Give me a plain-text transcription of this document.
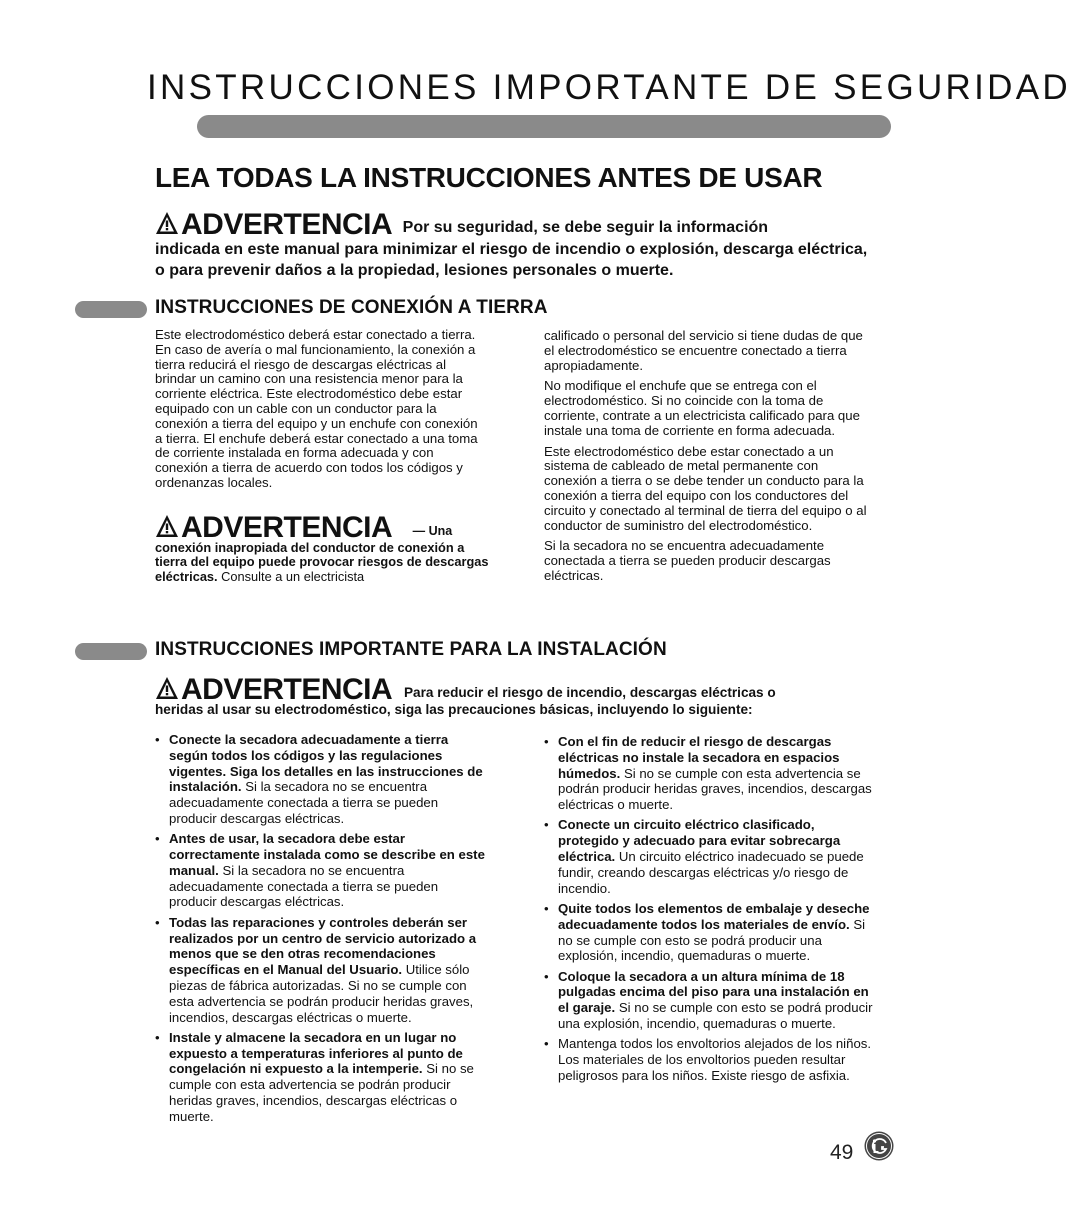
INSTRUCCIONES IMPORTANTE DE SEGURIDAD
LEA TODAS LA INSTRUCCIONES ANTES DE USAR
ADVERTENCIA Por su seguridad, se debe seguir la información
indicada en este manual para minimizar el riesgo de incendio o explosión, descarga eléctrica, o para prevenir daños a la propiedad, lesiones personales o muerte.
INSTRUCCIONES DE CONEXIÓN A TIERRA

Este electrodoméstico deberá estar conectado a tierra. En caso de avería o mal funcionamiento, la conexión a tierra reducirá el riesgo de descargas eléctricas al brindar un camino con una resistencia menor para la corriente eléctrica. Este electrodoméstico debe estar equipado con un cable con un conductor para la conexión a tierra del equipo y un enchufe con conexión a tierra. El enchufe deberá estar conectado a una toma de corriente instalada en forma adecuada y con conexión a tierra de acuerdo con todos los códigos y ordenanzas locales.

ADVERTENCIA — Una
conexión inapropiada del conductor de conexión a tierra del equipo puede provocar riesgos de descargas eléctricas. Consulte a un electricista

calificado o personal del servicio si tiene dudas de que el electrodoméstico se encuentre conectado a tierra apropiadamente.

No modifique el enchufe que se entrega con el electrodoméstico. Si no coincide con la toma de corriente, contrate a un electricista calificado para que instale una toma de corriente en forma adecuada.

Este electrodoméstico debe estar conectado a un sistema de cableado de metal permanente con conexión a tierra o se debe tender un conducto para la conexión a tierra del equipo con los conductores del circuito y conectado al terminal de tierra del equipo o al conductor de suministro del electrodoméstico.

Si la secadora no se encuentra adecuadamente conectada a tierra se pueden producir descargas eléctricas.

INSTRUCCIONES IMPORTANTE PARA LA INSTALACIÓN
ADVERTENCIA Para reducir el riesgo de incendio, descargas eléctricas o
heridas al usar su electrodoméstico, siga las precauciones básicas, incluyendo lo siguiente:
• Conecte la secadora adecuadamente a tierra según todos los códigos y las regulaciones vigentes. Siga los detalles en las instrucciones de instalación. Si la secadora no se encuentra adecuadamente conectada a tierra se pueden producir descargas eléctricas.
• Antes de usar, la secadora debe estar correctamente instalada como se describe en este manual. Si la secadora no se encuentra adecuadamente conectada a tierra se pueden producir descargas eléctricas.
• Todas las reparaciones y controles deberán ser realizados por un centro de servicio autorizado a menos que se den otras recomendaciones específicas en el Manual del Usuario. Utilice sólo piezas de fábrica autorizadas. Si no se cumple con esta advertencia se podrán producir heridas graves, incendios, descargas eléctricas o muerte.
• Instale y almacene la secadora en un lugar no expuesto a temperaturas inferiores al punto de congelación ni expuesto a la intemperie. Si no se cumple con esta advertencia se podrán producir heridas graves, incendios, descargas eléctricas o muerte.
• Con el fin de reducir el riesgo de descargas eléctricas no instale la secadora en espacios húmedos. Si no se cumple con esta advertencia se podrán producir heridas graves, incendios, descargas eléctricas o muerte.
• Conecte un circuito eléctrico clasificado, protegido y adecuado para evitar sobrecarga eléctrica. Un circuito eléctrico inadecuado se puede fundir, creando descargas eléctricas y/o riesgo de incendio.
• Quite todos los elementos de embalaje y deseche adecuadamente todos los materiales de envío. Si no se cumple con esto se podrá producir una explosión, incendio, quemaduras o muerte.
• Coloque la secadora a un altura mínima de 18 pulgadas encima del piso para una instalación en el garaje. Si no se cumple con esto se podrá producir una explosión, incendio, quemaduras o muerte.
• Mantenga todos los envoltorios alejados de los niños. Los materiales de los envoltorios pueden resultar peligrosos para los niños. Existe riesgo de asfixia.
49
